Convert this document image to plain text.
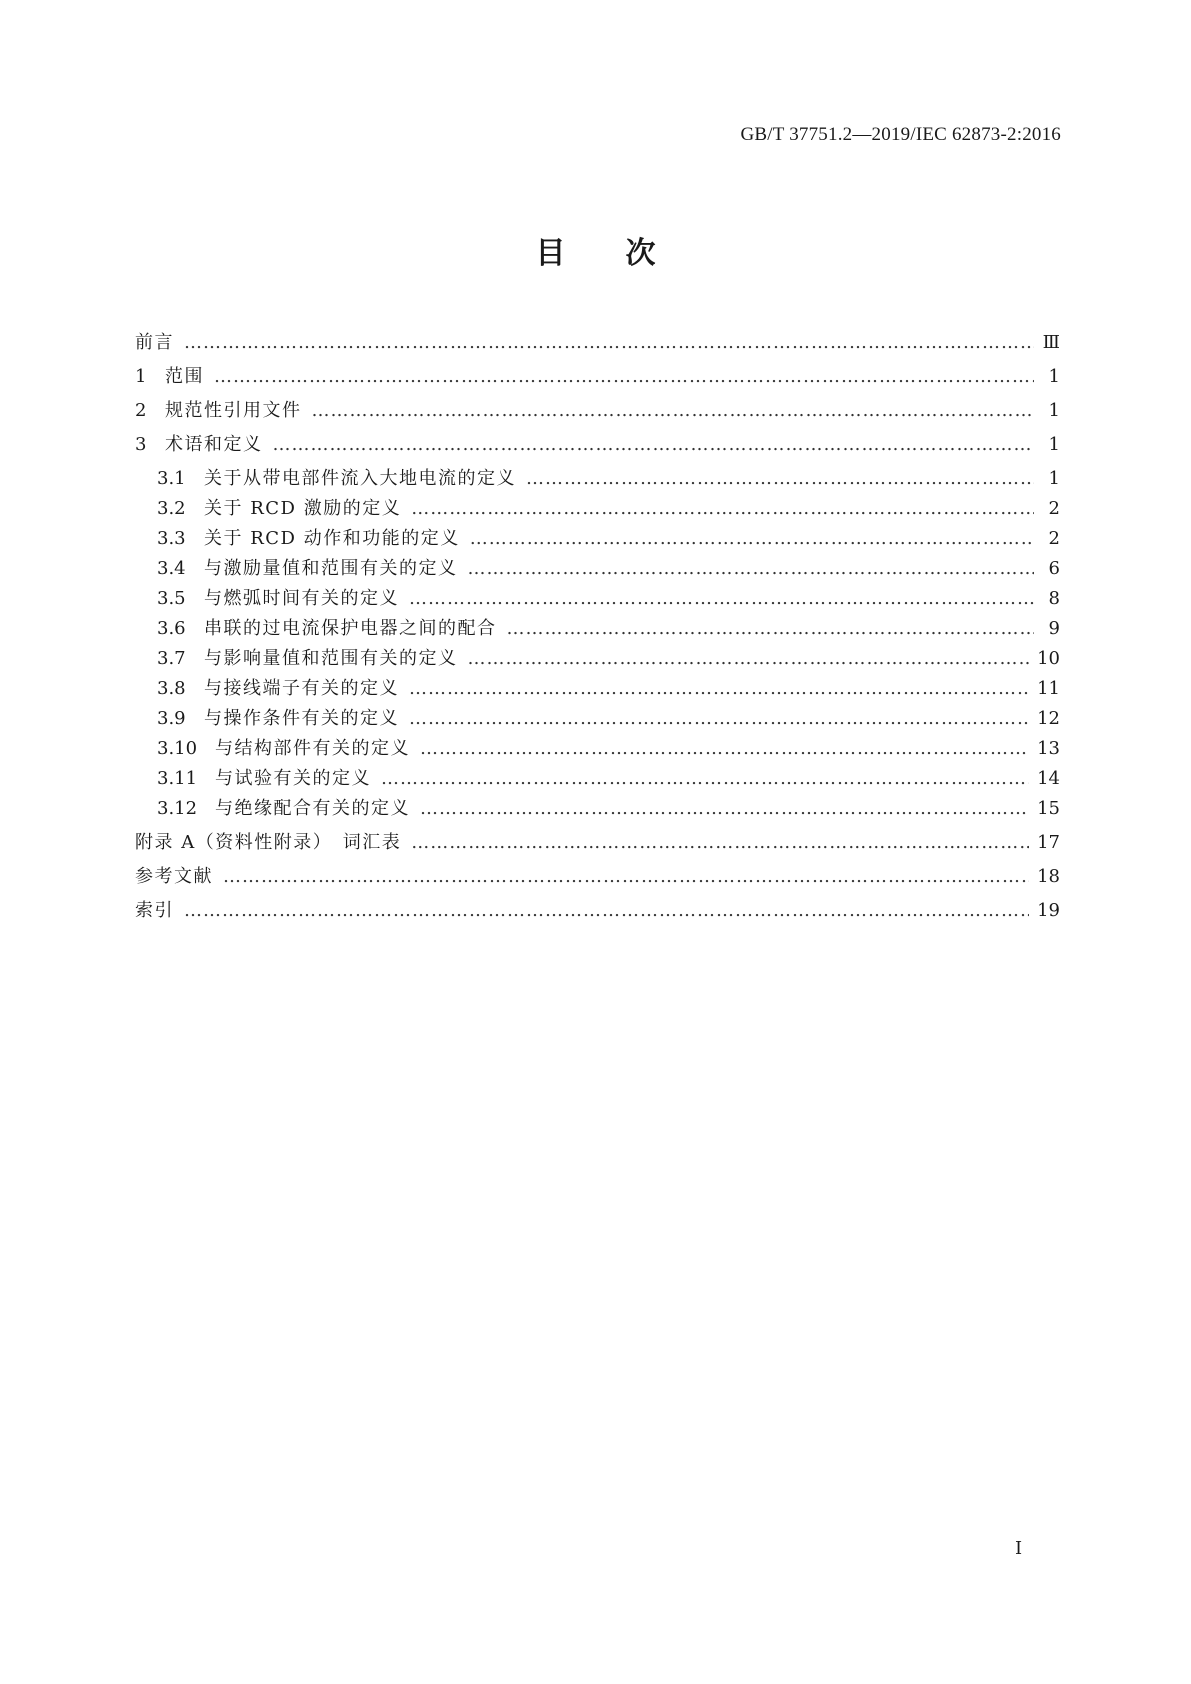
GB/T 37751.2—2019/IEC 62873-2:2016
目次
前言 ……………………………………………………………………………………………………………………………………………………………………………	Ⅲ
1	范围 ……………………………………………………………………………………………………………………………………………………………………………	1
2	规范性引用文件 ……………………………………………………………………………………………………………………………………………………………………………	1
3	术语和定义 ……………………………………………………………………………………………………………………………………………………………………………	1
3.1	关于从带电部件流入大地电流的定义 ……………………………………………………………………………………………………………………………………………………………………………	1
3.2	关于 RCD 激励的定义 ……………………………………………………………………………………………………………………………………………………………………………	2
3.3	关于 RCD 动作和功能的定义 ……………………………………………………………………………………………………………………………………………………………………………	2
3.4	与激励量值和范围有关的定义 ……………………………………………………………………………………………………………………………………………………………………………	6
3.5	与燃弧时间有关的定义 ……………………………………………………………………………………………………………………………………………………………………………	8
3.6	串联的过电流保护电器之间的配合 ……………………………………………………………………………………………………………………………………………………………………………	9
3.7	与影响量值和范围有关的定义 ……………………………………………………………………………………………………………………………………………………………………………	10
3.8	与接线端子有关的定义 ……………………………………………………………………………………………………………………………………………………………………………	11
3.9	与操作条件有关的定义 ……………………………………………………………………………………………………………………………………………………………………………	12
3.10 与结构部件有关的定义 ……………………………………………………………………………………………………………………………………………………………………………	13
3.11 与试验有关的定义 ……………………………………………………………………………………………………………………………………………………………………………	14
3.12 与绝缘配合有关的定义 ……………………………………………………………………………………………………………………………………………………………………………	15
附录 A（资料性附录）　词汇表 ……………………………………………………………………………………………………………………………………………………………………………	17
参考文献 ……………………………………………………………………………………………………………………………………………………………………………	18
索引 ……………………………………………………………………………………………………………………………………………………………………………	19
I
